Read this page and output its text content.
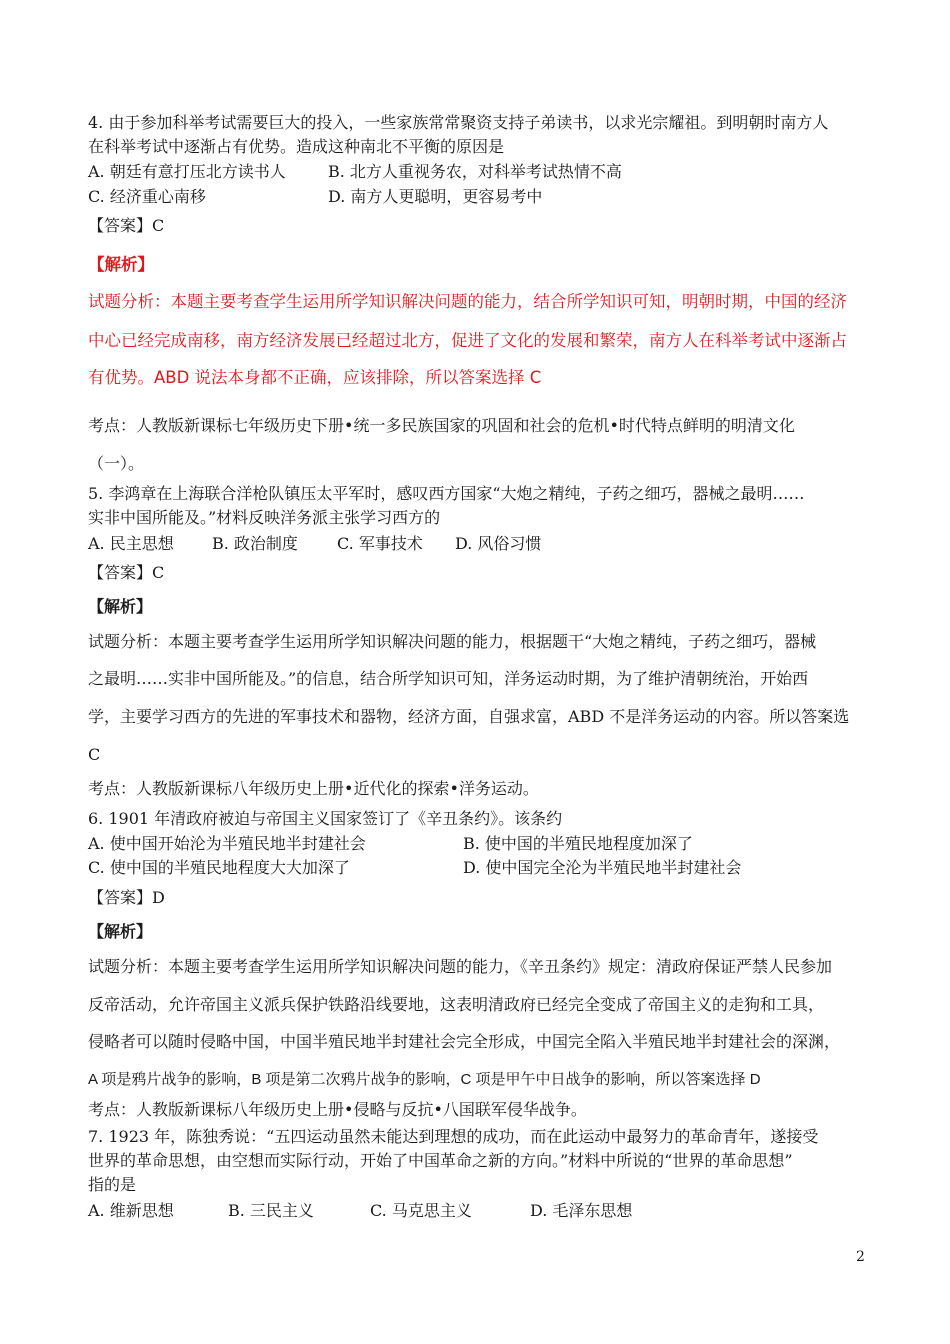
4. 由于参加科举考试需要巨大的投入，一些家族常常聚资支持子弟读书，以求光宗耀祖。到明朝时南方人
在科举考试中逐渐占有优势。造成这种南北不平衡的原因是
A. 朝廷有意打压北方读书人	B. 北方人重视务农，对科举考试热情不高
C. 经济重心南移	D. 南方人更聪明，更容易考中
【答案】C
【解析】
试题分析：本题主要考查学生运用所学知识解决问题的能力，结合所学知识可知，明朝时期，中国的经济
中心已经完成南移，南方经济发展已经超过北方，促进了文化的发展和繁荣，南方人在科举考试中逐渐占
有优势。ABD 说法本身都不正确，应该排除，所以答案选择 C
考点：人教版新课标七年级历史下册•统一多民族国家的巩固和社会的危机•时代特点鲜明的明清文化
（一）。
5. 李鸿章在上海联合洋枪队镇压太平军时，感叹西方国家“大炮之精纯，子药之细巧，器械之最明……
实非中国所能及。”材料反映洋务派主张学习西方的
A. 民主思想 B. 政治制度 C. 军事技术 D. 风俗习惯
【答案】C
【解析】
试题分析：本题主要考查学生运用所学知识解决问题的能力，根据题干“大炮之精纯，子药之细巧，器械
之最明……实非中国所能及。”的信息，结合所学知识可知，洋务运动时期，为了维护清朝统治，开始西
学，主要学习西方的先进的军事技术和器物，经济方面，自强求富，ABD 不是洋务运动的内容。所以答案选
C
考点：人教版新课标八年级历史上册•近代化的探索•洋务运动。
6. 1901 年清政府被迫与帝国主义国家签订了《辛丑条约》。该条约
A. 使中国开始沦为半殖民地半封建社会	B. 使中国的半殖民地程度加深了
C. 使中国的半殖民地程度大大加深了	D. 使中国完全沦为半殖民地半封建社会
【答案】D
【解析】
试题分析：本题主要考查学生运用所学知识解决问题的能力，《辛丑条约》规定：清政府保证严禁人民参加
反帝活动，允许帝国主义派兵保护铁路沿线要地，这表明清政府已经完全变成了帝国主义的走狗和工具，
侵略者可以随时侵略中国，中国半殖民地半封建社会完全形成，中国完全陷入半殖民地半封建社会的深渊，
A 项是鸦片战争的影响，B 项是第二次鸦片战争的影响，C 项是甲午中日战争的影响，所以答案选择 D
考点：人教版新课标八年级历史上册•侵略与反抗•八国联军侵华战争。
7. 1923 年，陈独秀说：“五四运动虽然未能达到理想的成功，而在此运动中最努力的革命青年，遂接受
世界的革命思想，由空想而实际行动，开始了中国革命之新的方向。”材料中所说的“世界的革命思想”
指的是
A. 维新思想	B. 三民主义	C. 马克思主义	D. 毛泽东思想
2
